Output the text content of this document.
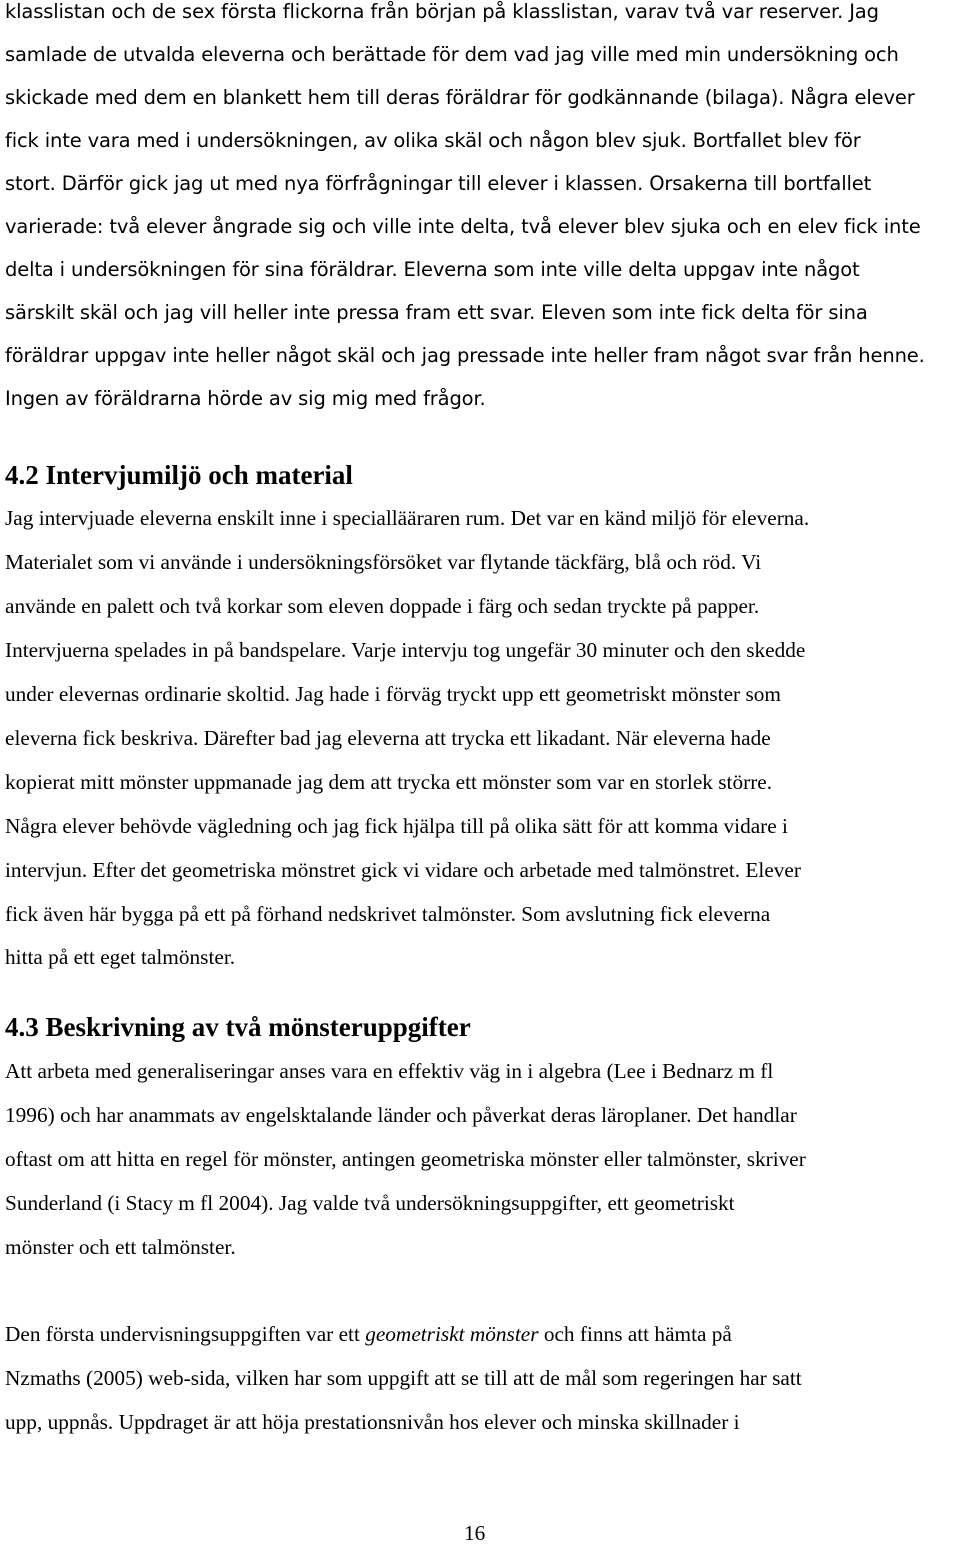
klasslistan och de sex första flickorna från början på klasslistan, varav två var reserver. Jag
samlade de utvalda eleverna och berättade för dem vad jag ville med min undersökning och
skickade med dem en blankett hem till deras föräldrar för godkännande (bilaga). Några elever
fick inte vara med i undersökningen, av olika skäl och någon blev sjuk. Bortfallet blev för
stort. Därför gick jag ut med nya förfrågningar till elever i klassen. Orsakerna till bortfallet
varierade: två elever ångrade sig och ville inte delta, två elever blev sjuka och en elev fick inte
delta i undersökningen för sina föräldrar. Eleverna som inte ville delta uppgav inte något
särskilt skäl och jag vill heller inte pressa fram ett svar. Eleven som inte fick delta för sina
föräldrar uppgav inte heller något skäl och jag pressade inte heller fram något svar från henne.
Ingen av föräldrarna hörde av sig mig med frågor.
4.2 Intervjumiljö och material
Jag intervjuade eleverna enskilt inne i speciallääraren rum. Det var en känd miljö för eleverna.
Materialet som vi använde i undersökningsförsöket var flytande täckfärg, blå och röd. Vi
använde en palett och två korkar som eleven doppade i färg och sedan tryckte på papper.
Intervjuerna spelades in på bandspelare. Varje intervju tog ungefär 30 minuter och den skedde
under elevernas ordinarie skoltid. Jag hade i förväg tryckt upp ett geometriskt mönster som
eleverna fick beskriva. Därefter bad jag eleverna att trycka ett likadant. När eleverna hade
kopierat mitt mönster uppmanade jag dem att trycka ett mönster som var en storlek större.
Några elever behövde vägledning och jag fick hjälpa till på olika sätt för att komma vidare i
intervjun. Efter det geometriska mönstret gick vi vidare och arbetade med talmönstret. Elever
fick även här bygga på ett på förhand nedskrivet talmönster. Som avslutning fick eleverna
hitta på ett eget talmönster.
4.3 Beskrivning av två mönsteruppgifter
Att arbeta med generaliseringar anses vara en effektiv väg in i algebra (Lee i Bednarz m fl
1996) och har anammats av engelsktalande länder och påverkat deras läroplaner. Det handlar
oftast om att hitta en regel för mönster, antingen geometriska mönster eller talmönster, skriver
Sunderland (i Stacy m fl 2004). Jag valde två undersökningsuppgifter, ett geometriskt
mönster och ett talmönster.
Den första undervisningsuppgiften var ett geometriskt mönster och finns att hämta på
Nzmaths (2005) web-sida, vilken har som uppgift att se till att de mål som regeringen har satt
upp, uppnås. Uppdraget är att höja prestationsnivån hos elever och minska skillnader i
16
